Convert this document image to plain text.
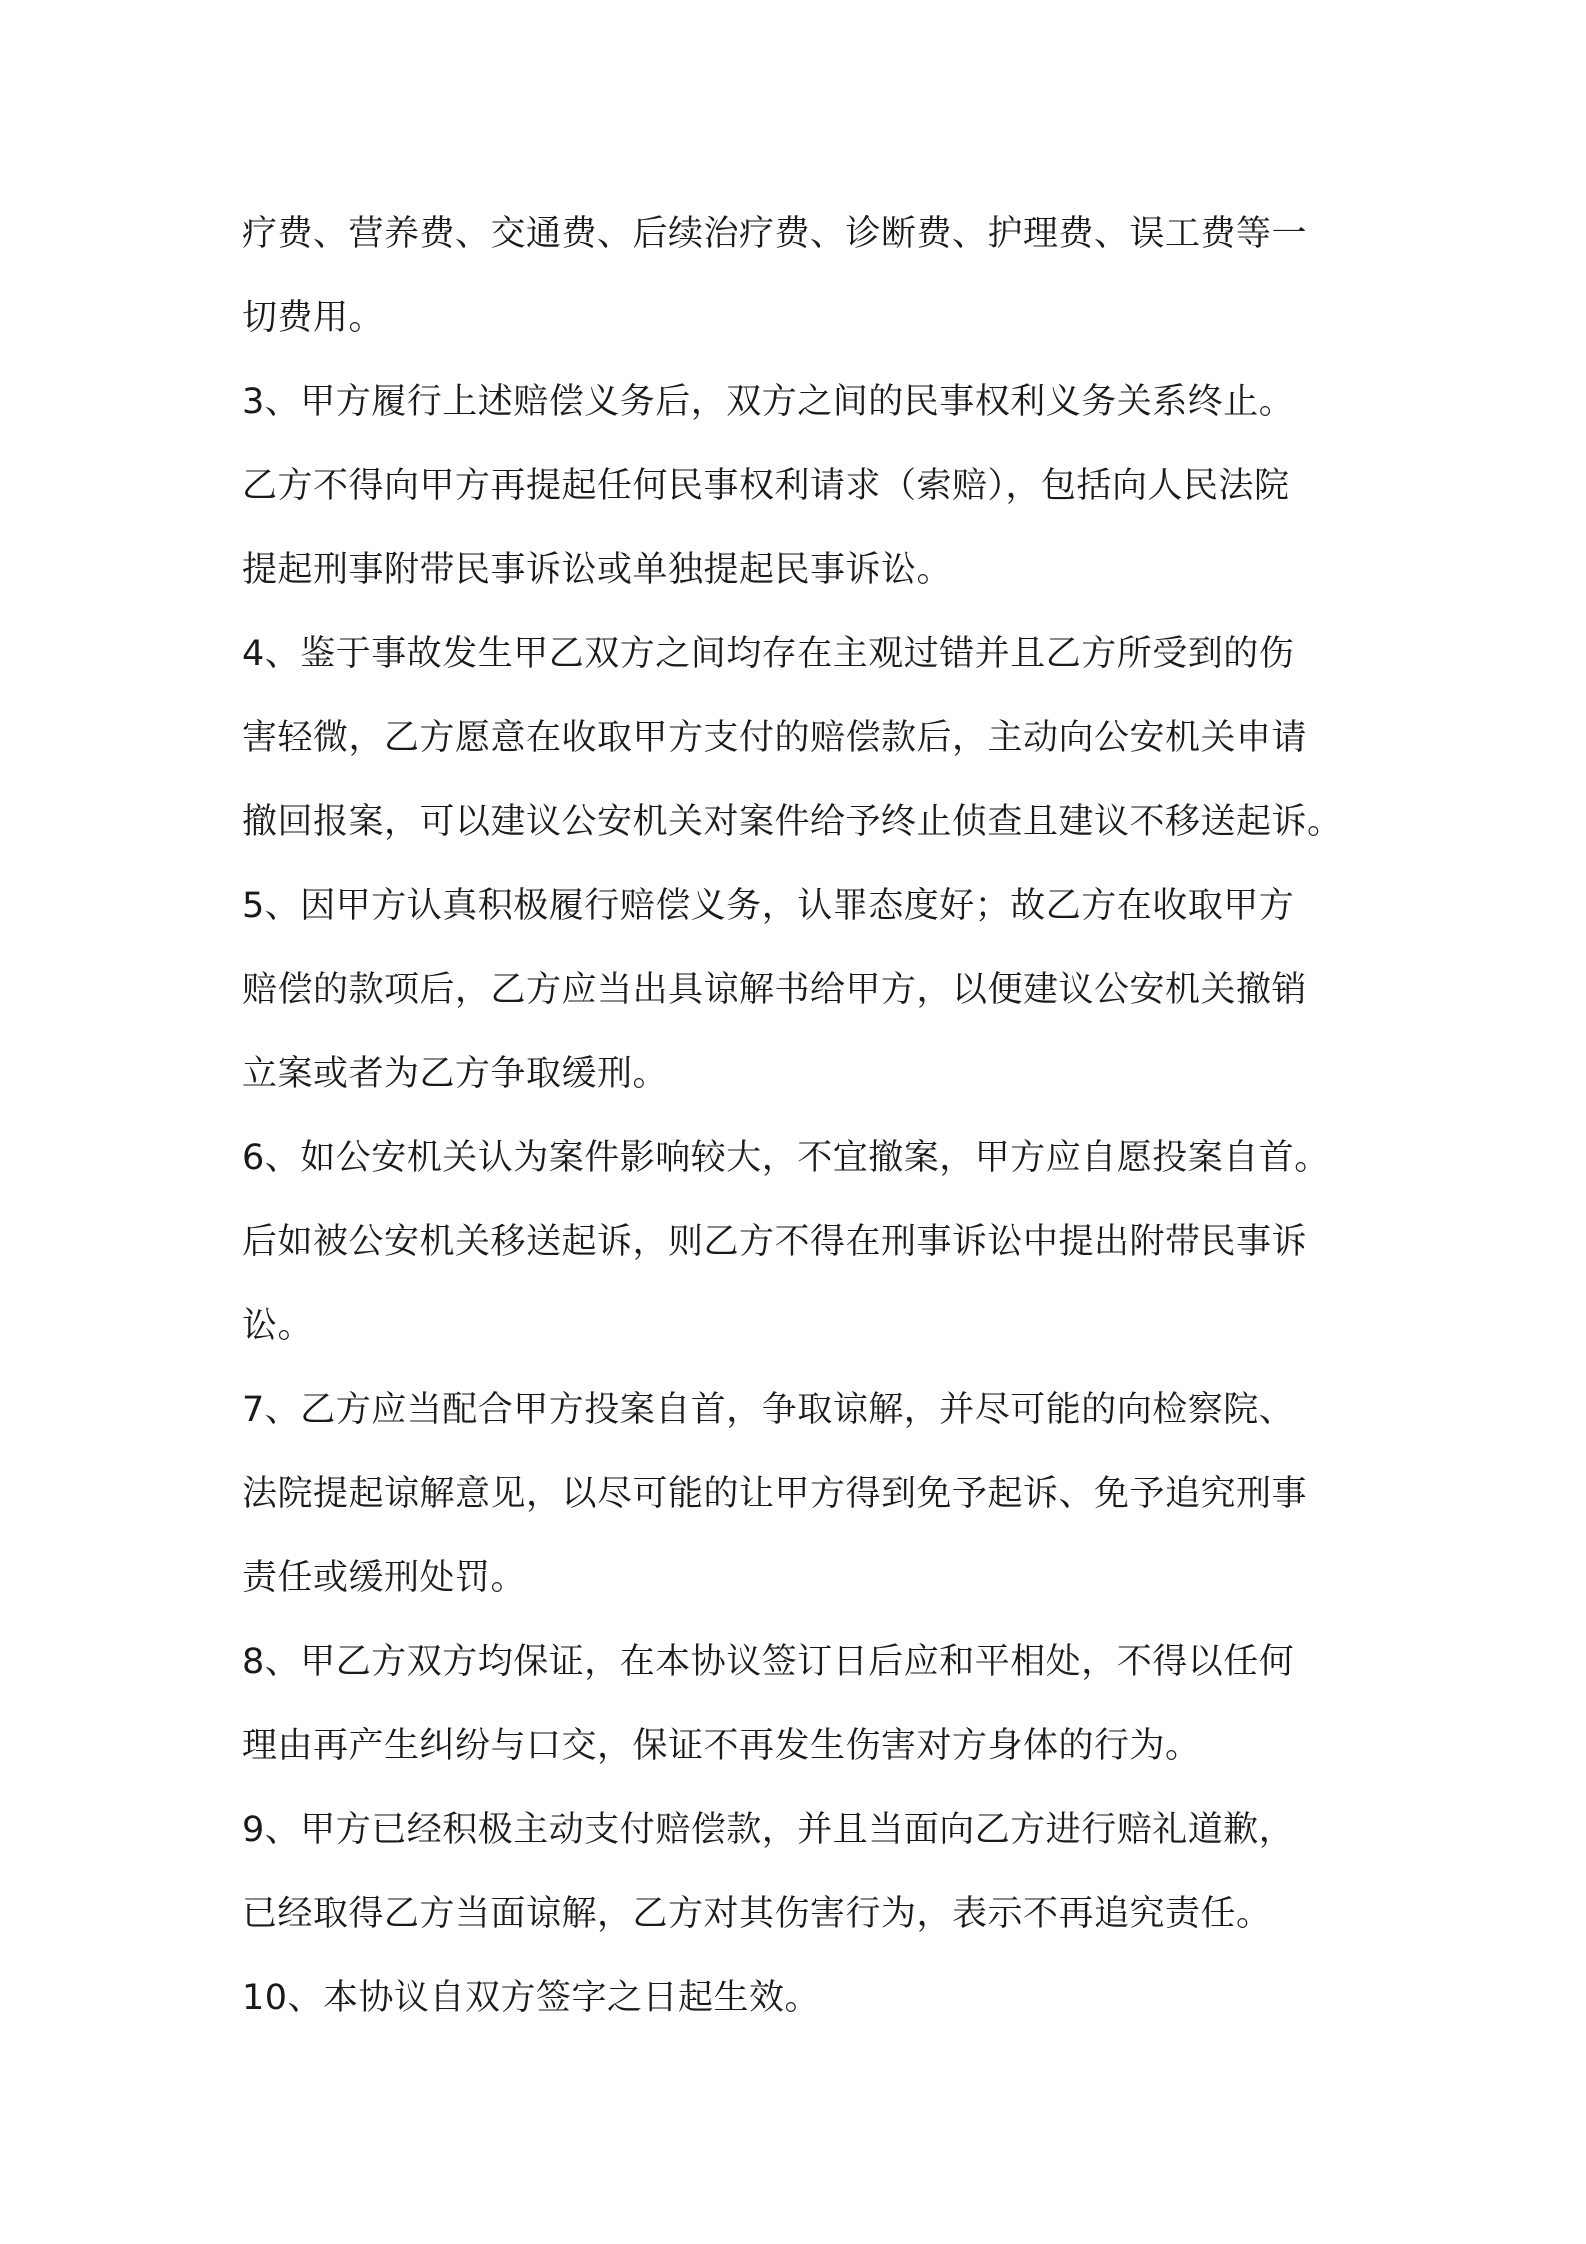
疗费、营养费、交通费、后续治疗费、诊断费、护理费、误工费等一
切费用。
3、甲方履行上述赔偿义务后，双方之间的民事权利义务关系终止。
乙方不得向甲方再提起任何民事权利请求（索赔），包括向人民法院
提起刑事附带民事诉讼或单独提起民事诉讼。
4、鉴于事故发生甲乙双方之间均存在主观过错并且乙方所受到的伤
害轻微，乙方愿意在收取甲方支付的赔偿款后，主动向公安机关申请
撤回报案，可以建议公安机关对案件给予终止侦查且建议不移送起诉。
5、因甲方认真积极履行赔偿义务，认罪态度好；故乙方在收取甲方
赔偿的款项后，乙方应当出具谅解书给甲方，以便建议公安机关撤销
立案或者为乙方争取缓刑。
6、如公安机关认为案件影响较大，不宜撤案，甲方应自愿投案自首。
后如被公安机关移送起诉，则乙方不得在刑事诉讼中提出附带民事诉
讼。
7、乙方应当配合甲方投案自首，争取谅解，并尽可能的向检察院、
法院提起谅解意见，以尽可能的让甲方得到免予起诉、免予追究刑事
责任或缓刑处罚。
8、甲乙方双方均保证，在本协议签订日后应和平相处，不得以任何
理由再产生纠纷与口交，保证不再发生伤害对方身体的行为。
9、甲方已经积极主动支付赔偿款，并且当面向乙方进行赔礼道歉，
已经取得乙方当面谅解，乙方对其伤害行为，表示不再追究责任。
10、本协议自双方签字之日起生效。
